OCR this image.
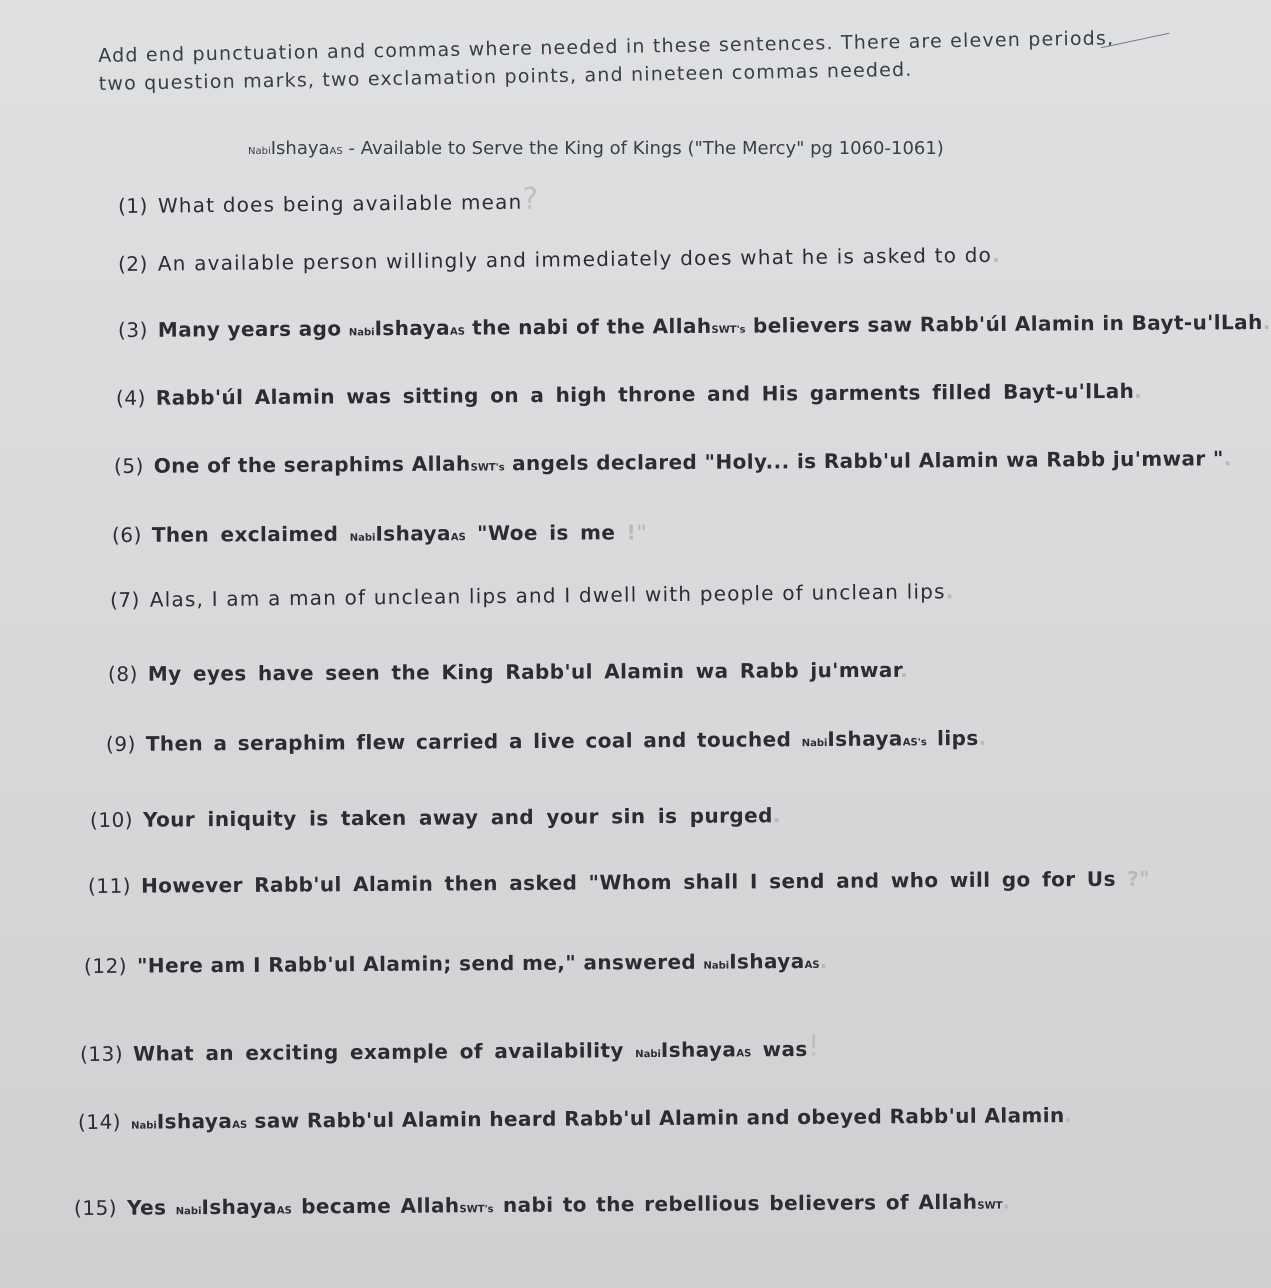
Add end punctuation and commas where needed in these sentences. There are eleven periods,
two question marks, two exclamation points, and nineteen commas needed.
NabiIshayaAS - Available to Serve the King of Kings ("The Mercy" pg 1060-1061)
(1) What does being available mean?
(2) An available person willingly and immediately does what he is asked to do.
(3) Many years ago NabiIshayaAS the nabi of the AllahSWT's believers saw Rabb'úl Alamin in Bayt-u'lLah.
(4) Rabb'úl Alamin was sitting on a high throne and His garments filled Bayt-u'lLah.
(5) One of the seraphims AllahSWT's angels declared "Holy... is Rabb'ul Alamin wa Rabb ju'mwar ".
(6) Then exclaimed NabiIshayaAS "Woe is me !"
(7) Alas, I am a man of unclean lips and I dwell with people of unclean lips.
(8) My eyes have seen the King Rabb'ul Alamin wa Rabb ju'mwar.
(9) Then a seraphim flew carried a live coal and touched NabiIshayaAS's lips.
(10) Your iniquity is taken away and your sin is purged.
(11) However Rabb'ul Alamin then asked "Whom shall I send and who will go for Us ?"
(12) "Here am I Rabb'ul Alamin; send me," answered NabiIshayaAS.
(13) What an exciting example of availability NabiIshayaAS was!
(14) NabiIshayaAS saw Rabb'ul Alamin heard Rabb'ul Alamin and obeyed Rabb'ul Alamin.
(15) Yes NabiIshayaAS became AllahSWT's nabi to the rebellious believers of AllahSWT.
